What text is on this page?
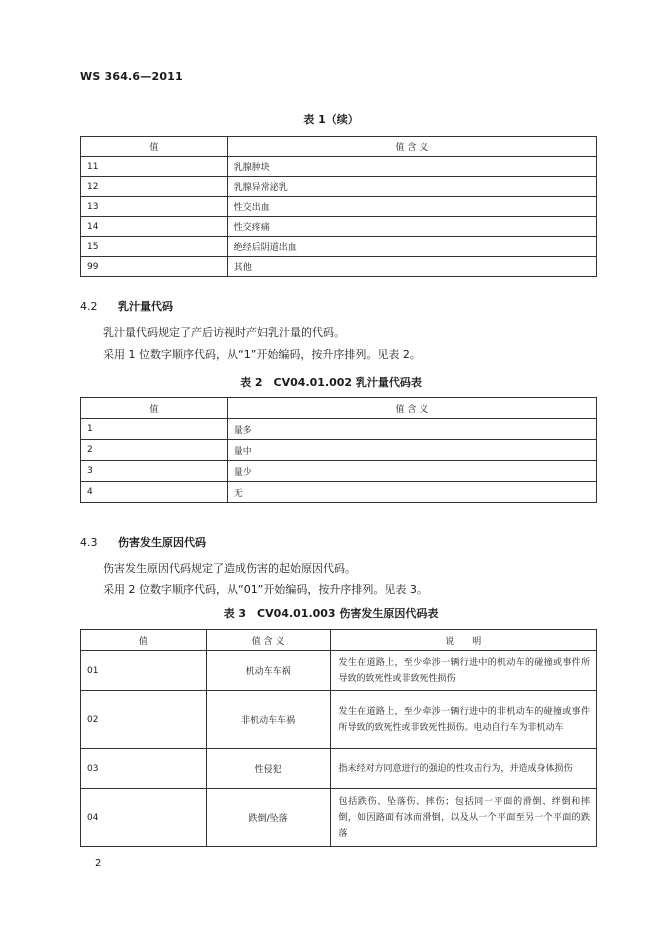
WS 364.6—2011
表 1（续）
值	值 含 义
11	乳腺肿块
12	乳腺异常泌乳
13	性交出血
14	性交疼痛
15	绝经后阴道出血
99	其他
4.2 乳汁量代码
乳汁量代码规定了产后访视时产妇乳汁量的代码。
采用 1 位数字顺序代码，从“1”开始编码，按升序排列。见表 2。
表 2　CV04.01.002 乳汁量代码表
值	值 含 义
1	量多
2	量中
3	量少
4	无
4.3 伤害发生原因代码
伤害发生原因代码规定了造成伤害的起始原因代码。
采用 2 位数字顺序代码，从“01”开始编码，按升序排列。见表 3。
表 3　CV04.01.003 伤害发生原因代码表
值	值 含 义	说　　明
01	机动车车祸	发生在道路上，至少牵涉一辆行进中的机动车的碰撞或事件所导致的致死性或非致死性损伤
02	非机动车车祸	发生在道路上，至少牵涉一辆行进中的非机动车的碰撞或事件所导致的致死性或非致死性损伤。电动自行车为非机动车
03	性侵犯	指未经对方同意进行的强迫的性攻击行为，并造成身体损伤
04	跌倒/坠落	包括跌伤、坠落伤、摔伤；包括同一平面的滑倒、绊倒和摔倒，如因路面有冰而滑倒，以及从一个平面至另一个平面的跌落
2
